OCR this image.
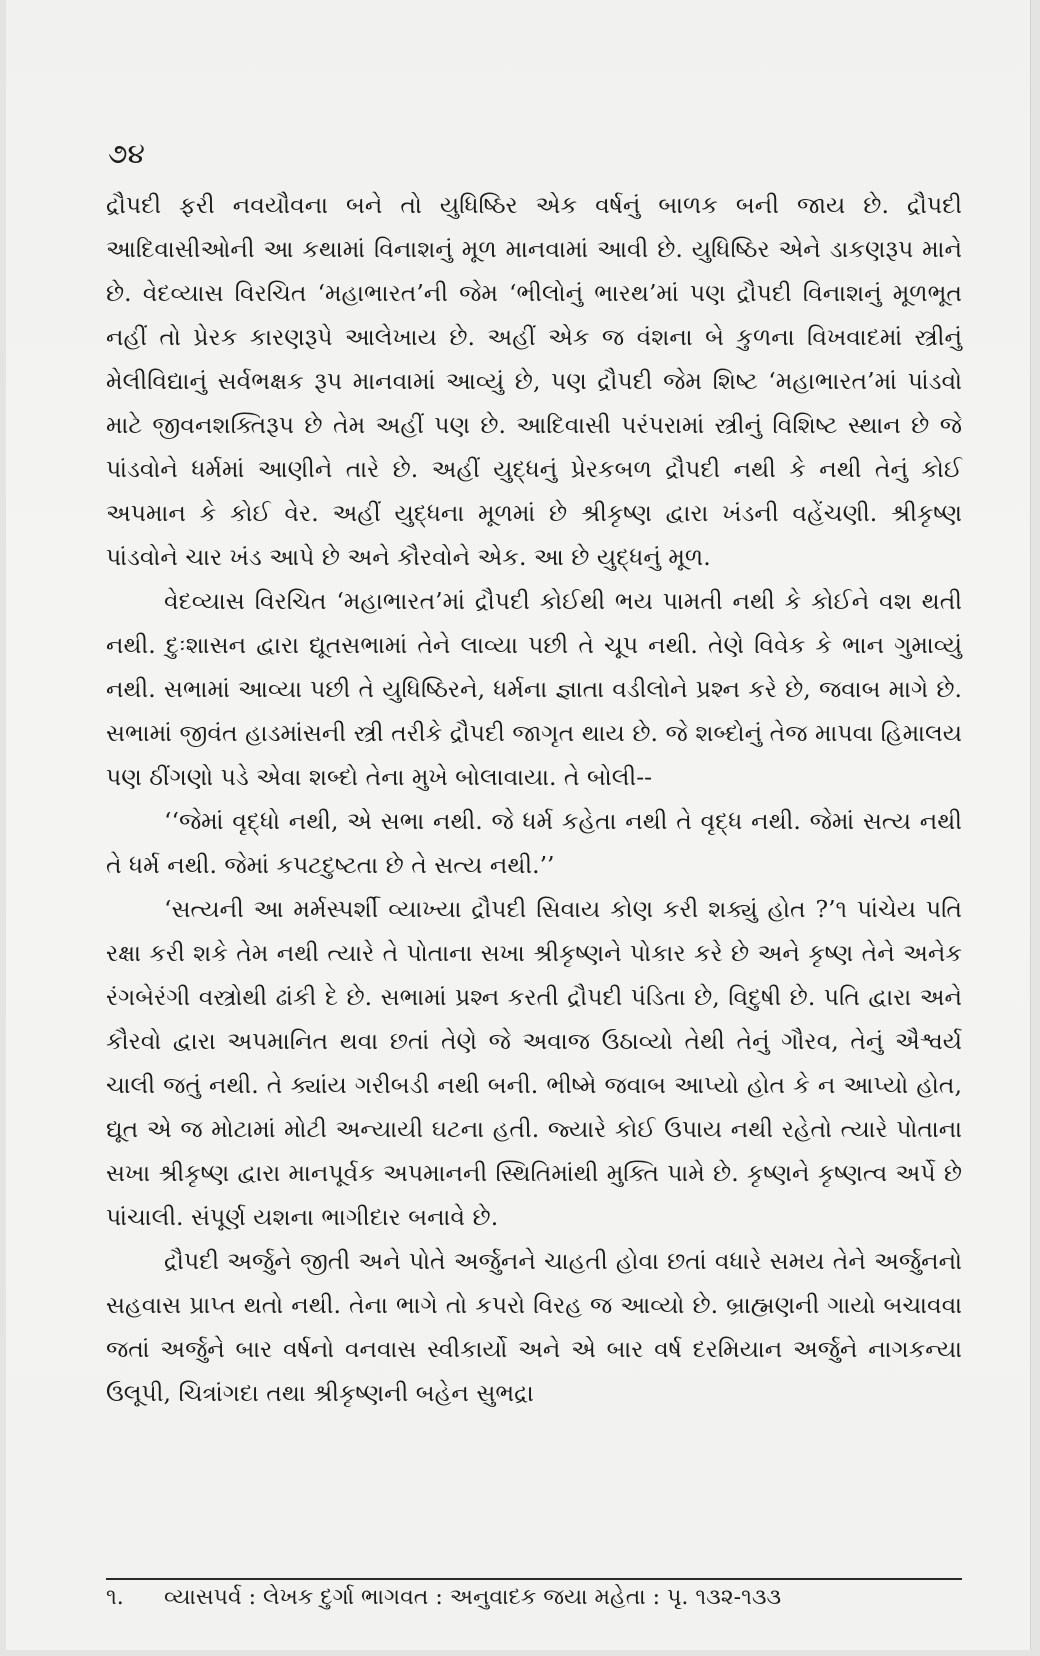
૭૪

દ્રૌપદી ફરી નવયૌવના બને તો યુધિષ્ઠિર એક વર્ષનું બાળક બની જાય છે. દ્રૌપદી આદિવાસીઓની આ કથામાં વિનાશનું મૂળ માનવામાં આવી છે. યુધિષ્ઠિર એને ડાકણરૂપ માને છે. વેદવ્યાસ વિરચિત ‘મહાભારત’ની જેમ ‘ભીલોનું ભારથ’માં પણ દ્રૌપદી વિનાશનું મૂળભૂત નહીં તો પ્રેરક કારણરૂપે આલેખાય છે. અહીં એક જ વંશના બે કુળના વિખવાદમાં સ્ત્રીનું મેલીવિદ્યાનું સર્વભક્ષક રૂપ માનવામાં આવ્યું છે, પણ દ્રૌપદી જેમ શિષ્ટ ‘મહાભારત’માં પાંડવો માટે જીવનશક્તિરૂપ છે તેમ અહીં પણ છે. આદિવાસી પરંપરામાં સ્ત્રીનું વિશિષ્ટ સ્થાન છે જે પાંડવોને ધર્મમાં આણીને તારે છે. અહીં યુદ્ધનું પ્રેરકબળ દ્રૌપદી નથી કે નથી તેનું કોઈ અપમાન કે કોઈ વેર. અહીં યુદ્ધના મૂળમાં છે શ્રીકૃષ્ણ દ્વારા ખંડની વહેંચણી. શ્રીકૃષ્ણ પાંડવોને ચાર ખંડ આપે છે અને કૌરવોને એક. આ છે યુદ્ધનું મૂળ.

વેદવ્યાસ વિરચિત ‘મહાભારત’માં દ્રૌપદી કોઈથી ભય પામતી નથી કે કોઈને વશ થતી નથી. દુઃશાસન દ્વારા દ્યૂતસભામાં તેને લાવ્યા પછી તે ચૂપ નથી. તેણે વિવેક કે ભાન ગુમાવ્યું નથી. સભામાં આવ્યા પછી તે યુધિષ્ઠિરને, ધર્મના જ્ઞાતા વડીલોને પ્રશ્ન કરે છે, જવાબ માગે છે. સભામાં જીવંત હાડમાંસની સ્ત્રી તરીકે દ્રૌપદી જાગૃત થાય છે. જે શબ્દોનું તેજ માપવા હિમાલય પણ ઠીંગણો પડે એવા શબ્દો તેના મુખે બોલાવાયા. તે બોલી--

‘‘જેમાં વૃદ્ધો નથી, એ સભા નથી. જે ધર્મ કહેતા નથી તે વૃદ્ધ નથી. જેમાં સત્ય નથી તે ધર્મ નથી. જેમાં કપટદુષ્ટતા છે તે સત્ય નથી.’’

‘સત્યની આ મર્મસ્પર્શી વ્યાખ્યા દ્રૌપદી સિવાય કોણ કરી શક્યું હોત ?’૧ પાંચેય પતિ રક્ષા કરી શકે તેમ નથી ત્યારે તે પોતાના સખા શ્રીકૃષ્ણને પોકાર કરે છે અને કૃષ્ણ તેને અનેક રંગબેરંગી વસ્ત્રોથી ઢાંકી દે છે. સભામાં પ્રશ્ન કરતી દ્રૌપદી પંડિતા છે, વિદુષી છે. પતિ દ્વારા અને કૌરવો દ્વારા અપમાનિત થવા છતાં તેણે જે અવાજ ઉઠાવ્યો તેથી તેનું ગૌરવ, તેનું ઐશ્વર્ય ચાલી જતું નથી. તે ક્યાંય ગરીબડી નથી બની. ભીષ્મે જવાબ આપ્યો હોત કે ન આપ્યો હોત, દ્યૂત એ જ મોટામાં મોટી અન્યાયી ઘટના હતી. જ્યારે કોઈ ઉપાય નથી રહેતો ત્યારે પોતાના સખા શ્રીકૃષ્ણ દ્વારા માનપૂર્વક અપમાનની સ્થિતિમાંથી મુક્તિ પામે છે. કૃષ્ણને કૃષ્ણત્વ અર્પે છે પાંચાલી. સંપૂર્ણ યશના ભાગીદાર બનાવે છે.

દ્રૌપદી અર્જુને જીતી અને પોતે અર્જુનને ચાહતી હોવા છતાં વધારે સમય તેને અર્જુનનો સહવાસ પ્રાપ્ત થતો નથી. તેના ભાગે તો કપરો વિરહ જ આવ્યો છે. બ્રાહ્મણની ગાયો બચાવવા જતાં અર્જુને બાર વર્ષનો વનવાસ સ્વીકાર્યો અને એ બાર વર્ષ દરમિયાન અર્જુને નાગકન્યા ઉલૂપી, ચિત્રાંગદા તથા શ્રીકૃષ્ણની બહેન સુભદ્રા

૧. વ્યાસપર્વ : લેખક દુર્ગા ભાગવત : અનુવાદક જયા મહેતા : પૃ. ૧૩૨-૧૩૩
